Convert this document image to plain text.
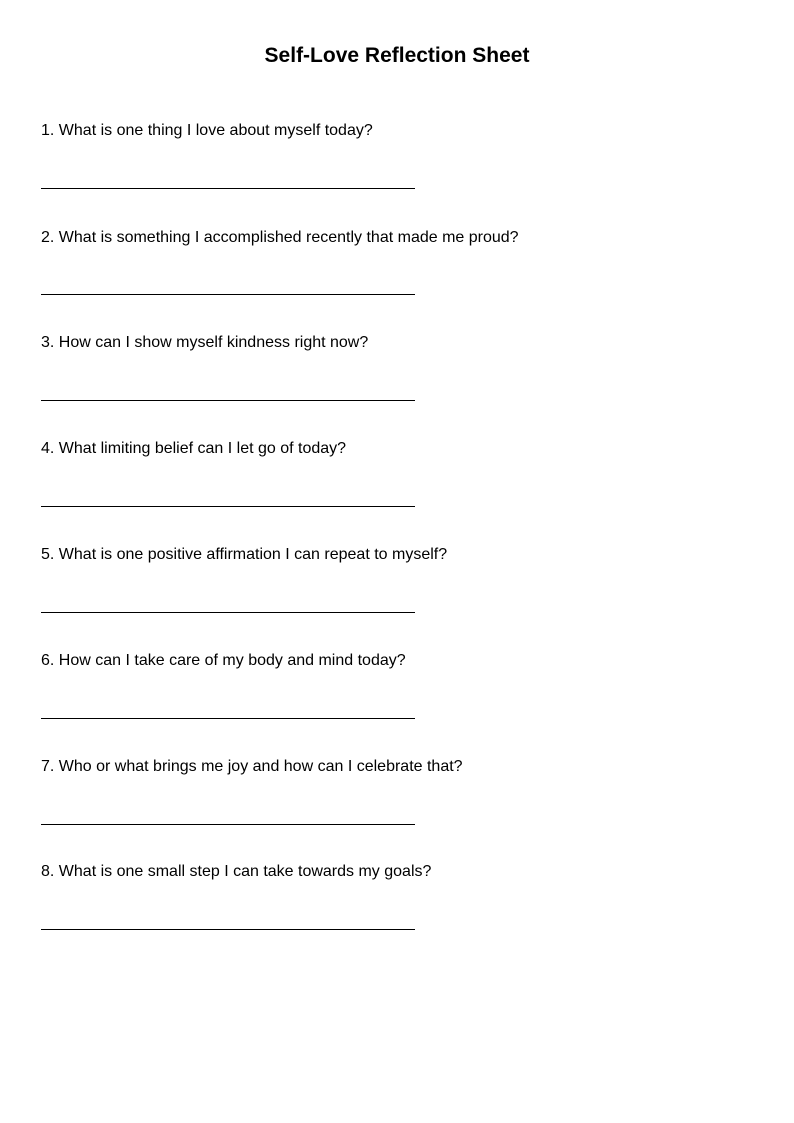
Self-Love Reflection Sheet
1. What is one thing I love about myself today?
2. What is something I accomplished recently that made me proud?
3. How can I show myself kindness right now?
4. What limiting belief can I let go of today?
5. What is one positive affirmation I can repeat to myself?
6. How can I take care of my body and mind today?
7. Who or what brings me joy and how can I celebrate that?
8. What is one small step I can take towards my goals?
